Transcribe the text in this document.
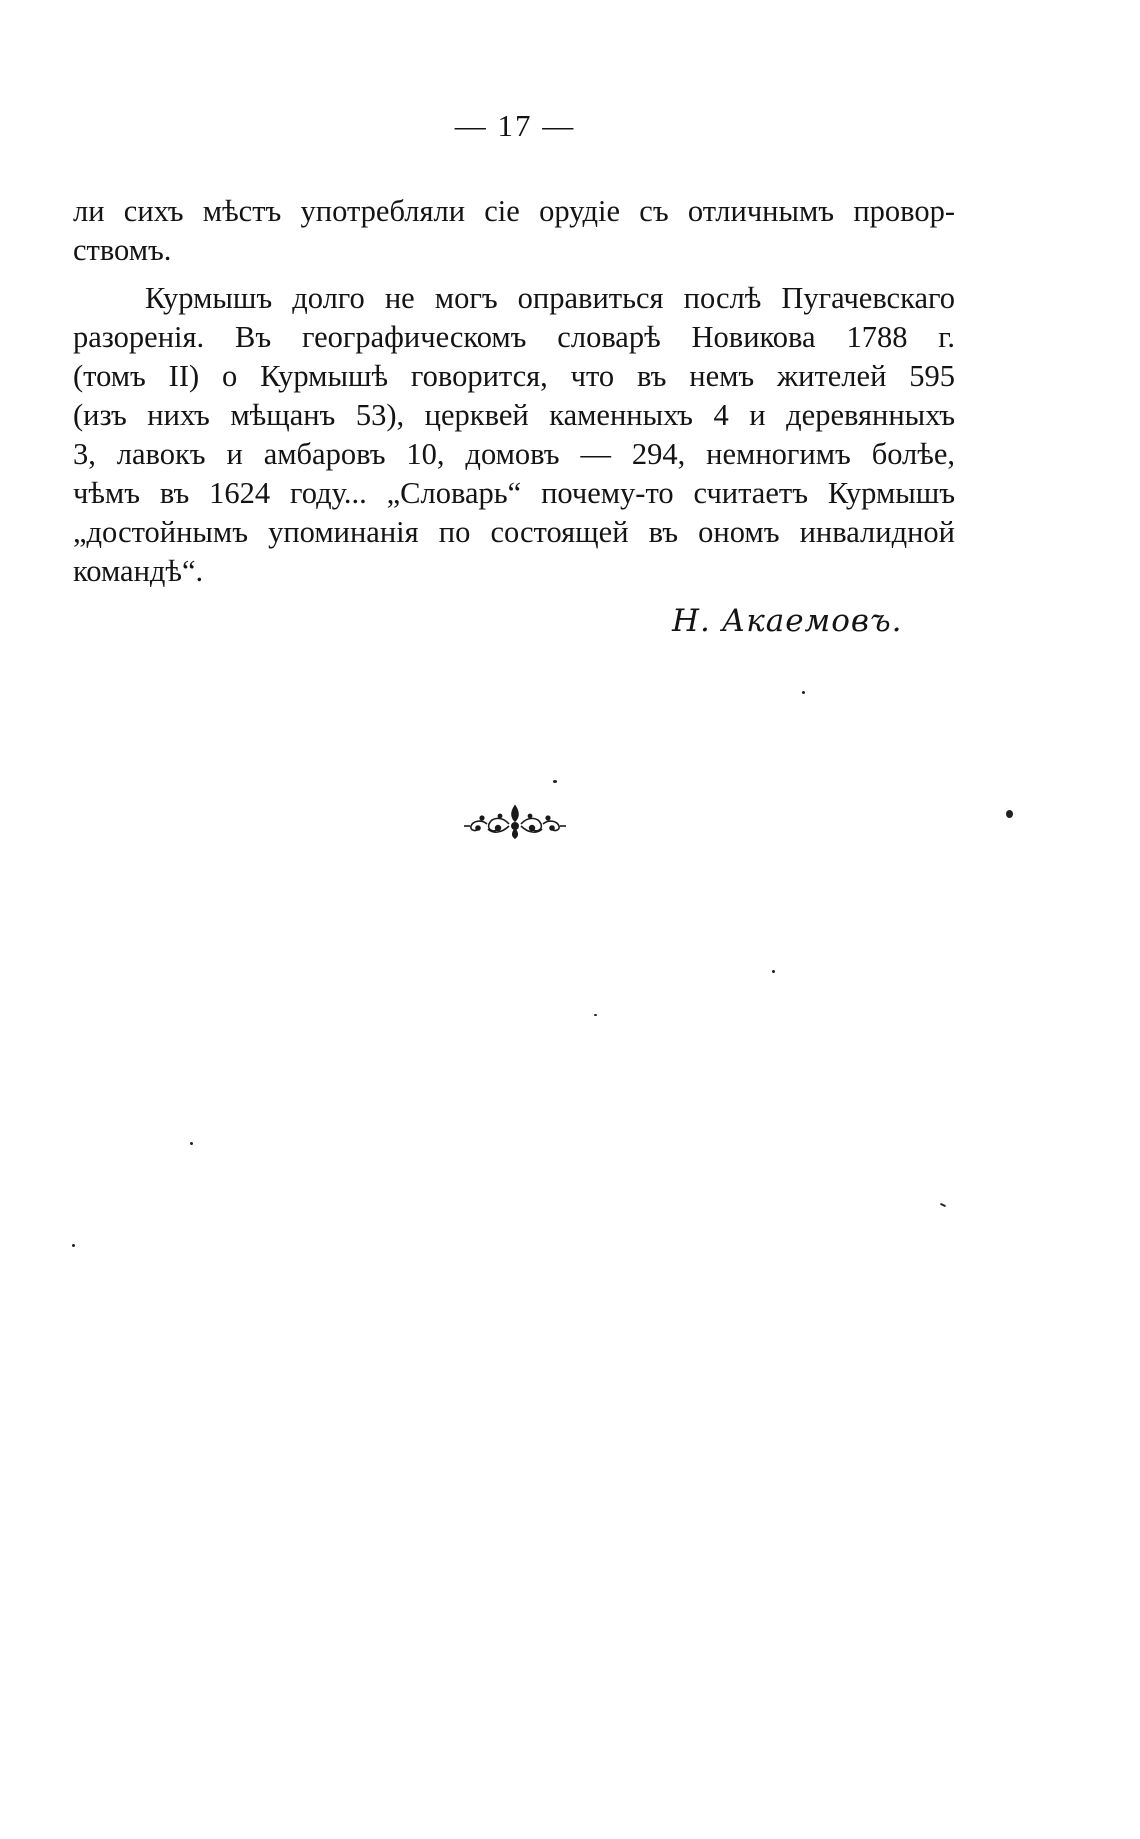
— 17 —
ли сихъ мѣстъ употребляли сіе орудіе съ отличнымъ провор-
ствомъ.
Курмышъ долго не могъ оправиться послѣ Пугачевскаго
разоренія. Въ географическомъ словарѣ Новикова 1788 г.
(томъ II) о Курмышѣ говорится, что въ немъ жителей 595
(изъ нихъ мѣщанъ 53), церквей каменныхъ 4 и деревянныхъ
3, лавокъ и амбаровъ 10, домовъ — 294, немногимъ болѣе,
чѣмъ въ 1624 году... „Словарь“ почему-то считаетъ Курмышъ
„достойнымъ упоминанія по состоящей въ ономъ инвалидной
командѣ“.
Н. Акаемовъ.
